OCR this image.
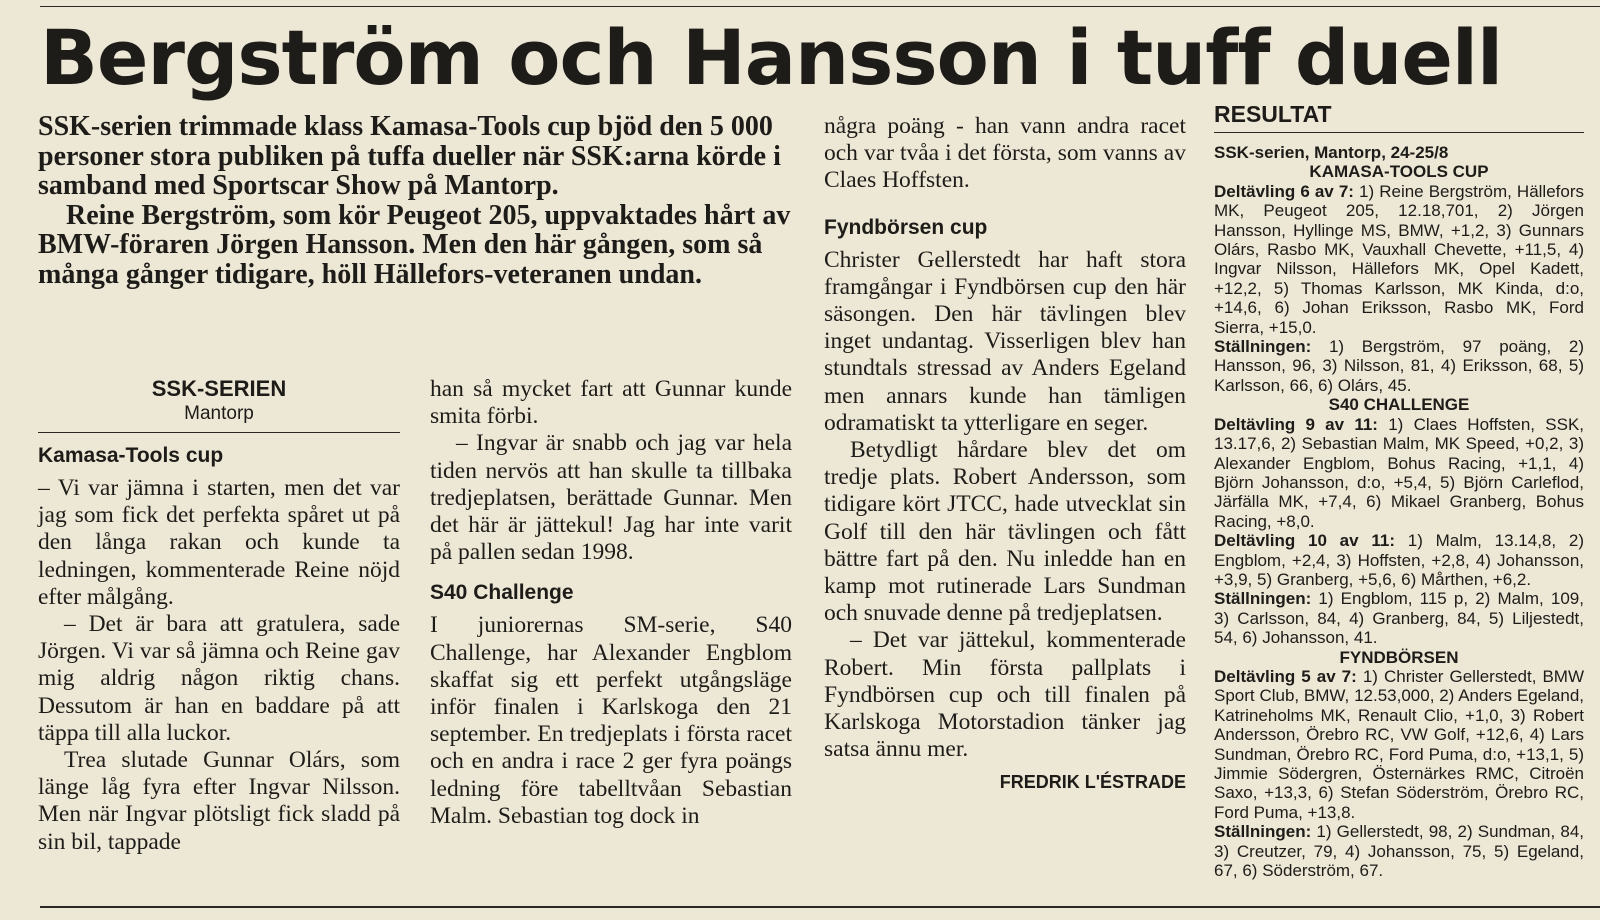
Bergström och Hansson i tuff duell

SSK-serien trimmade klass Kamasa-Tools cup bjöd den 5 000 personer stora publiken på tuffa dueller när SSK:arna körde i samband med Sportscar Show på Mantorp.

Reine Bergström, som kör Peugeot 205, uppvaktades hårt av BMW-föraren Jörgen Hansson. Men den här gången, som så många gånger tidigare, höll Hällefors-veteranen undan.

SSK-SERIEN
Mantorp
Kamasa-Tools cup

– Vi var jämna i starten, men det var jag som fick det perfekta spåret ut på den långa rakan och kunde ta ledningen, kommenterade Reine nöjd efter målgång.

– Det är bara att gratulera, sade Jörgen. Vi var så jämna och Reine gav mig aldrig någon riktig chans. Dessutom är han en baddare på att täppa till alla luckor.

Trea slutade Gunnar Olárs, som länge låg fyra efter Ingvar Nilsson. Men när Ingvar plötsligt fick sladd på sin bil, tappade

han så mycket fart att Gunnar kunde smita förbi.

– Ingvar är snabb och jag var hela tiden nervös att han skulle ta tillbaka tredjeplatsen, berättade Gunnar. Men det här är jättekul! Jag har inte varit på pallen sedan 1998.

S40 Challenge

I juniorernas SM-serie, S40 Challenge, har Alexander Engblom skaffat sig ett perfekt utgångsläge inför finalen i Karlskoga den 21 september. En tredjeplats i första racet och en andra i race 2 ger fyra poängs ledning före tabelltvåan Sebastian Malm. Sebastian tog dock in

några poäng - han vann andra racet och var tvåa i det första, som vanns av Claes Hoffsten.

Fyndbörsen cup

Christer Gellerstedt har haft stora framgångar i Fyndbörsen cup den här säsongen. Den här tävlingen blev inget undantag. Visserligen blev han stundtals stressad av Anders Egeland men annars kunde han tämligen odramatiskt ta ytterligare en seger.

Betydligt hårdare blev det om tredje plats. Robert Andersson, som tidigare kört JTCC, hade utvecklat sin Golf till den här tävlingen och fått bättre fart på den. Nu inledde han en kamp mot rutinerade Lars Sundman och snuvade denne på tredjeplatsen.

– Det var jättekul, kommenterade Robert. Min första pallplats i Fyndbörsen cup och till finalen på Karlskoga Motorstadion tänker jag satsa ännu mer.

FREDRIK L'ÉSTRADE
RESULTAT

SSK-serien, Mantorp, 24-25/8

KAMASA-TOOLS CUP

Deltävling 6 av 7: 1) Reine Bergström, Hällefors MK, Peugeot 205, 12.18,701, 2) Jörgen Hansson, Hyllinge MS, BMW, +1,2, 3) Gunnars Olárs, Rasbo MK, Vauxhall Chevette, +11,5, 4) Ingvar Nilsson, Hällefors MK, Opel Kadett, +12,2, 5) Thomas Karlsson, MK Kinda, d:o, +14,6, 6) Johan Eriksson, Rasbo MK, Ford Sierra, +15,0.

Ställningen: 1) Bergström, 97 poäng, 2) Hansson, 96, 3) Nilsson, 81, 4) Eriksson, 68, 5) Karlsson, 66, 6) Olárs, 45.

S40 CHALLENGE

Deltävling 9 av 11: 1) Claes Hoffsten, SSK, 13.17,6, 2) Sebastian Malm, MK Speed, +0,2, 3) Alexander Engblom, Bohus Racing, +1,1, 4) Björn Johansson, d:o, +5,4, 5) Björn Carleflod, Järfälla MK, +7,4, 6) Mikael Granberg, Bohus Racing, +8,0.

Deltävling 10 av 11: 1) Malm, 13.14,8, 2) Engblom, +2,4, 3) Hoffsten, +2,8, 4) Johansson, +3,9, 5) Granberg, +5,6, 6) Mårthen, +6,2.

Ställningen: 1) Engblom, 115 p, 2) Malm, 109, 3) Carlsson, 84, 4) Granberg, 84, 5) Liljestedt, 54, 6) Johansson, 41.

FYNDBÖRSEN

Deltävling 5 av 7: 1) Christer Gellerstedt, BMW Sport Club, BMW, 12.53,000, 2) Anders Egeland, Katrineholms MK, Renault Clio, +1,0, 3) Robert Andersson, Örebro RC, VW Golf, +12,6, 4) Lars Sundman, Örebro RC, Ford Puma, d:o, +13,1, 5) Jimmie Södergren, Östernärkes RMC, Citroën Saxo, +13,3, 6) Stefan Söderström, Örebro RC, Ford Puma, +13,8.

Ställningen: 1) Gellerstedt, 98, 2) Sundman, 84, 3) Creutzer, 79, 4) Johansson, 75, 5) Egeland, 67, 6) Söderström, 67.
